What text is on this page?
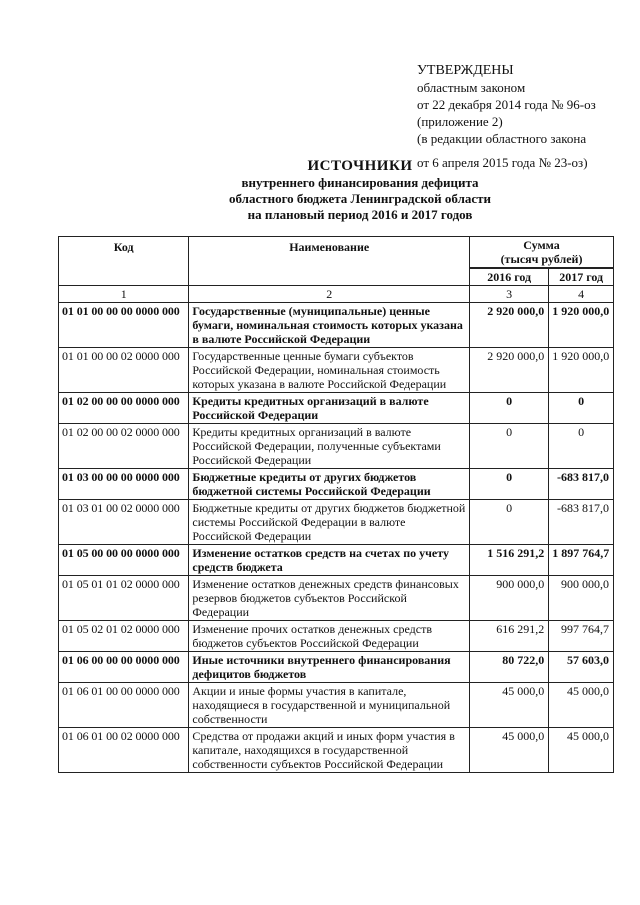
УТВЕРЖДЕНЫ
областным законом
от 22 декабря 2014 года № 96-оз
(приложение 2)
(в редакции областного закона
от 6 апреля 2015 года № 23-оз)
ИСТОЧНИКИ
внутреннего финансирования дефицита
областного бюджета Ленинградской области
на плановый период 2016 и 2017 годов
Код	Наименование	Сумма
(тысяч рублей)	

		2016 год	2017 год
1	2	3	4
01 01 00 00 00 0000 000	Государственные (муниципальные) ценные бумаги, номинальная стоимость которых указана в валюте Российской Федерации	2 920 000,0	1 920 000,0
01 01 00 00 02 0000 000	Государственные ценные бумаги субъектов Российской Федерации, номинальная стоимость которых указана в валюте Российской Федерации	2 920 000,0	1 920 000,0
01 02 00 00 00 0000 000	Кредиты кредитных организаций в валюте Российской Федерации	0	0
01 02 00 00 02 0000 000	Кредиты кредитных организаций в валюте Российской Федерации, полученные субъектами Российской Федерации	0	0
01 03 00 00 00 0000 000	Бюджетные кредиты от других бюджетов бюджетной системы Российской Федерации	0	-683 817,0
01 03 01 00 02 0000 000	Бюджетные кредиты от других бюджетов бюджетной системы Российской Федерации в валюте Российской Федерации	0	-683 817,0
01 05 00 00 00 0000 000	Изменение остатков средств на счетах по учету средств бюджета	1 516 291,2	1 897 764,7
01 05 01 01 02 0000 000	Изменение остатков денежных средств финансовых резервов бюджетов субъектов Российской Федерации	900 000,0	900 000,0
01 05 02 01 02 0000 000	Изменение прочих остатков денежных средств бюджетов субъектов Российской Федерации	616 291,2	997 764,7
01 06 00 00 00 0000 000	Иные источники внутреннего финансирования дефицитов бюджетов	80 722,0	57 603,0
01 06 01 00 00 0000 000	Акции и иные формы участия в капитале, находящиеся в государственной и муниципальной собственности	45 000,0	45 000,0
01 06 01 00 02 0000 000	Средства от продажи акций и иных форм участия в капитале, находящихся в государственной собственности субъектов Российской Федерации	45 000,0	45 000,0
